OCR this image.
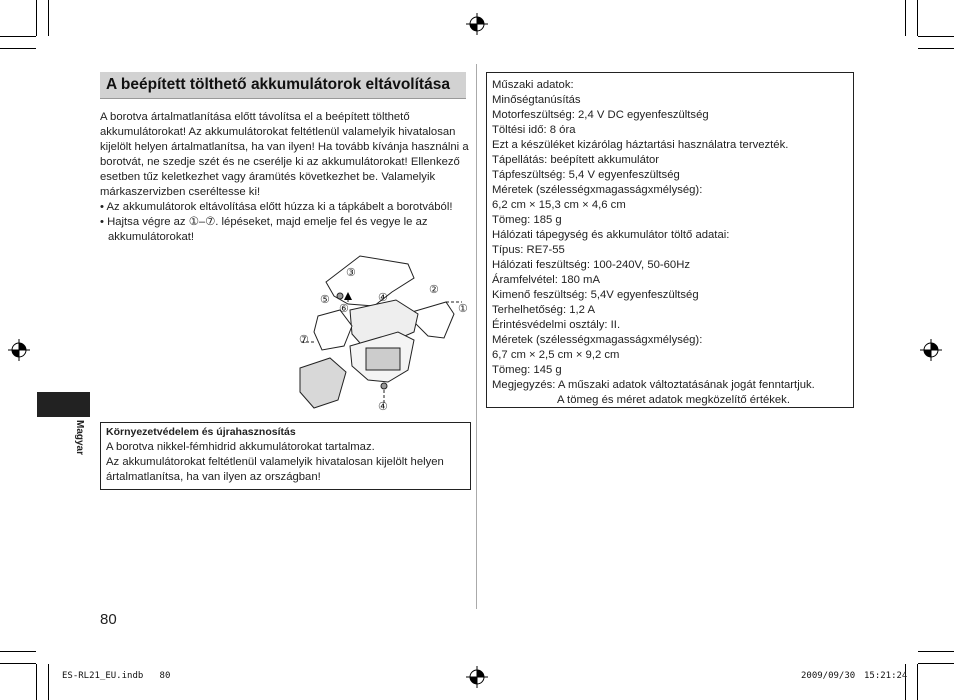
A beépített tölthető akkumulátorok eltávolítása
A borotva ártalmatlanítása előtt távolítsa el a beépített tölthető
akkumulátorokat! Az akkumulátorokat feltétlenül valamelyik hivatalosan
kijelölt helyen ártalmatlanítsa, ha van ilyen! Ha tovább kívánja használni a
borotvát, ne szedje szét és ne cserélje ki az akkumulátorokat! Ellenkező
esetben tűz keletkezhet vagy áramütés következhet be. Valamelyik
márkaszervizben cseréltesse ki!
• Az akkumulátorok eltávolítása előtt húzza ki a tápkábelt a borotvából!
• Hajtsa végre az ①–⑦. lépéseket, majd emelje fel és vegye le az
akkumulátorokat!
③
②
④
⑤
⑥	①
⑦
④
Környezetvédelem és újrahasznosítás
A borotva nikkel-fémhidrid akkumulátorokat tartalmaz.
Az akkumulátorokat feltétlenül valamelyik hivatalosan kijelölt helyen
ártalmatlanítsa, ha van ilyen az országban!
Műszaki adatok:
Minőségtanúsítás
Motorfeszültség: 2,4 V DC egyenfeszültség
Töltési idő: 8 óra
Ezt a készüléket kizárólag háztartási használatra tervezték.
Tápellátás: beépített akkumulátor
Tápfeszültség: 5,4 V egyenfeszültség
Méretek (szélességxmagasságxmélység):
6,2 cm × 15,3 cm × 4,6 cm
Tömeg: 185 g
Hálózati tápegység és akkumulátor töltő adatai:
Típus: RE7-55
Hálózati feszültség: 100-240V, 50-60Hz
Áramfelvétel: 180 mA
Kimenő feszültség: 5,4V egyenfeszültség
Terhelhetőség: 1,2 A
Érintésvédelmi osztály: II.
Méretek (szélességxmagasságxmélység):
6,7 cm × 2,5 cm × 9,2 cm
Tömeg: 145 g
Megjegyzés: A műszaki adatok változtatásának jogát fenntartjuk.
A tömeg és méret adatok megközelítő értékek.
Magyar
80
ES-RL21_EU.indb   80	2009/09/30 15:21:24
